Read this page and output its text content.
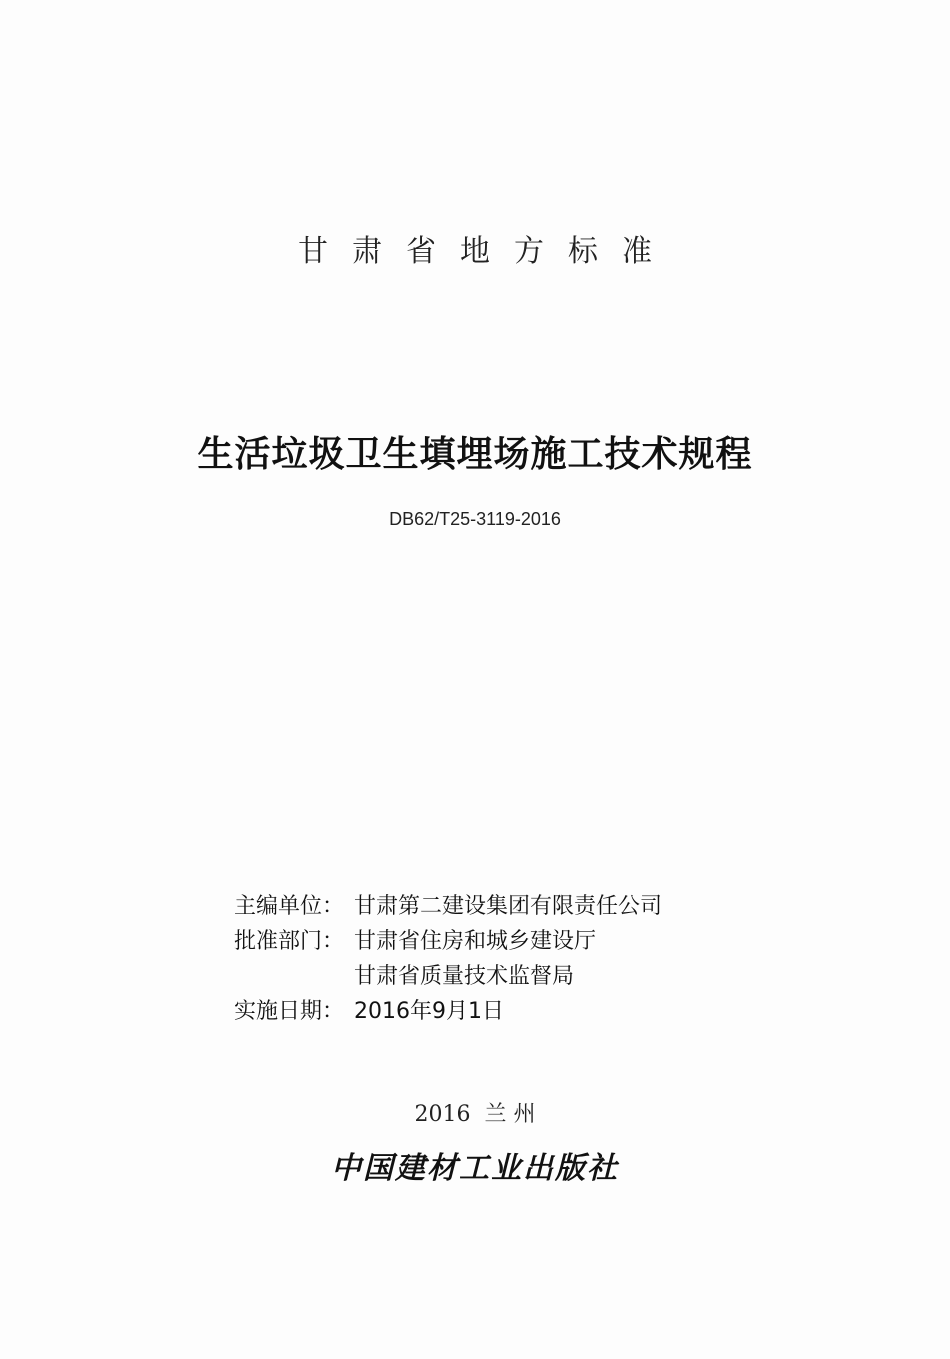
甘肃省地方标准
生活垃圾卫生填埋场施工技术规程
DB62/T25-3119-2016
主编单位： 甘肃第二建设集团有限责任公司
批准部门： 甘肃省住房和城乡建设厅
甘肃省质量技术监督局
实施日期： 2016年9月1日
2016 兰 州
中国建材工业出版社
